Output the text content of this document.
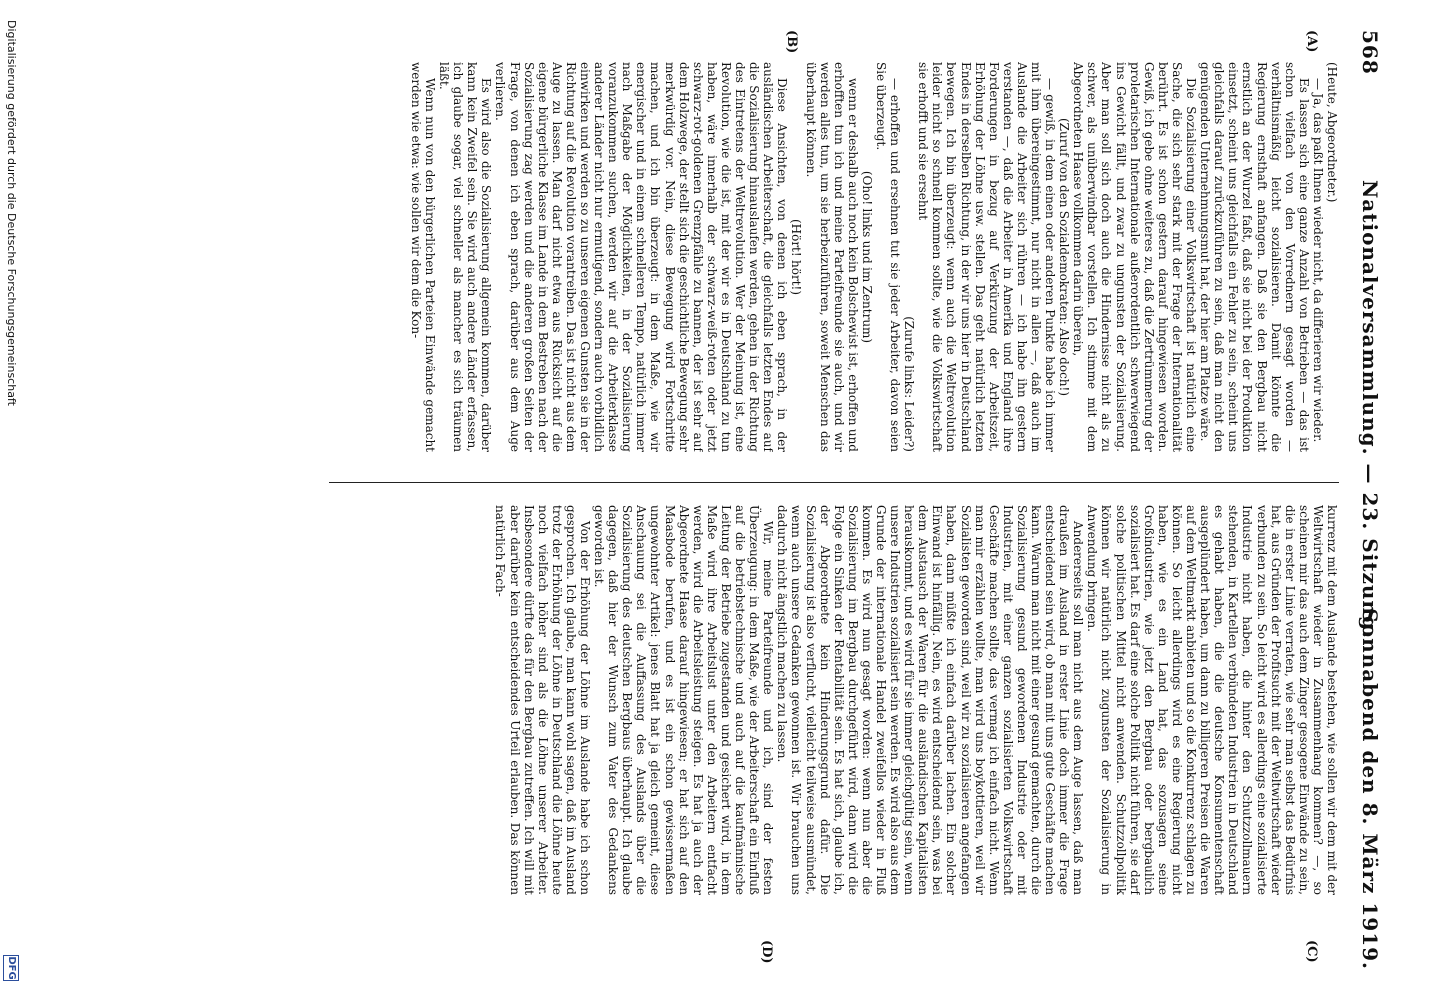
568
Nationalversammlung. — 23. Sitzung.
Sonnabend den 8. März 1919.
(A)
(B)
(C)
(D)

(Heute, Abgeordneter.)

— Ja, das paßt Ihnen wieder nicht, da differieren wir wieder.

Es lassen sich eine ganze Anzahl von Betrieben — das ist schon vielfach von den Vorrednern gesagt worden — verhältnismäßig leicht sozialisieren. Damit könnte die Regierung ernsthaft anfangen. Daß sie den Bergbau nicht ernstlich an der Wurzel faßt, daß sie nicht bei der Produktion einsetzt, scheint uns gleichfalls ein Fehler zu sein, scheint uns gleichfalls darauf zurückzuführen zu sein, daß man nicht den genügenden Unternehmungsmut hat, der hier am Platze wäre.

Die Sozialisierung einer Volkswirtschaft ist natürlich eine Sache, die sich sehr stark mit der Frage der Internationalität berührt. Es ist schon gestern darauf hingewiesen worden. Gewiß, ich gebe ohne weiteres zu, daß die Zertrümmerung der proletarischen Internationale außerordentlich schwerwiegend ins Gewicht fällt, und zwar zu ungunsten der Sozialisierung. Aber man soll sich doch auch die Hindernisse nicht als zu schwer, als unüberwindbar vorstellen. Ich stimme mit dem Abgeordneten Haase vollkommen darin überein,

(Zuruf von den Sozialdemokraten: Also doch!)

— gewiß, in dem einen oder anderen Punkte habe ich immer mit ihm übereingestimmt, nur nicht in allen —, daß auch im Auslande die Arbeiter sich rühren — ich habe ihn gestern verstanden —, daß die Arbeiter in Amerika und England ihre Forderungen in bezug auf Verkürzung der Arbeitszeit, Erhöhung der Löhne usw. stellen. Das geht natürlich letzten Endes in derselben Richtung, in der wir uns hier in Deutschland bewegen. Ich bin überzeugt: wenn auch die Weltrevolution leider nicht so schnell kommen sollte, wie die Volkswirtschaft sie erhofft und sie ersehnt

(Zurufe links: Leider?)

— erhoffen und ersehnen tut sie jeder Arbeiter, davon seien Sie überzeugt.

(Oho! links und im Zentrum)

wenn er deshalb auch noch kein Bolschewist ist, erhoffen und erhofften tun ich und meine Parteifreunde sie auch, und wir werden alles tun, um sie herbeizuführen, soweit Menschen das überhaupt können.

(Hört! hört!)

Diese Ansichten, von denen ich eben sprach, in der ausländischen Arbeiterschaft, die gleichfalls letzten Endes auf die Sozialisierung hinauslaufen werden, gehen in der Richtung des Eintretens der Weltrevolution. Wer der Meinung ist, eine Revolution, wie die ist, mit der wir es in Deutschland zu tun haben, wäre innerhalb der schwarz-weiß-roten oder jetzt schwarz-rot-goldenen Grenzpfähle zu bannen, der ist sehr auf dem Holzwege, der stellt sich die geschichtliche Bewegung sehr merkwürdig vor. Nein, diese Bewegung wird Fortschritte machen, und ich bin überzeugt: in dem Maße, wie wir energischer und in einem schnelleren Tempo, natürlich immer nach Maßgabe der Möglichkeiten, in der Sozialisierung voranzukommen suchen, werden wir auf die Arbeiterklasse anderer Länder nicht nur ermutigend, sondern auch vorbildlich einwirken und werden so zu unseren eigenen Gunsten sie in der Richtung auf die Revolution vorantreiben. Das ist nicht aus dem Auge zu lassen. Man darf nicht etwa aus Rücksicht auf die eigene bürgerliche Klasse im Lande in dem Bestreben nach der Sozialisierung zag werden und die anderen großen Seiten der Frage, von denen ich eben sprach, darüber aus dem Auge verlieren.

Es wird also die Sozialisierung allgemein kommen, darüber kann kein Zweifel sein. Sie wird auch andere Länder erfassen, ich glaube sogar, viel schneller als mancher es sich träumen läßt.

Wenn nun von den bürgerlichen Parteien Einwände gemacht werden wie etwa: wie sollen wir dem die Kon-

kurrenz mit dem Auslande bestehen, wie sollen wir dem mit der Weltwirtschaft wieder in Zusammenhang kommen? —, so scheinen mir das auch dem Zinger gesogene Einwände zu sein, die in erster Linie verraten, wie sehr man selbst das Bedürfnis hat, aus Gründen der Profitsucht mit der Weltwirtschaft wieder verbunden zu sein. So leicht wird es allerdings eine sozialisierte Industrie nicht haben, die hinter den Schutzzollmauern stehenden, in Kartellen verbündeten Industrien in Deutschland es gehabt haben, die die deutsche Konsumentenschaft ausgeplündert haben, um dann zu billigeren Preisen die Waren auf dem Weltmarkt anbieten und so die Konkurrenz schlagen zu können. So leicht allerdings wird es eine Regierung nicht haben, wie es ein Land hat, das sozusagen seine Großindustrien, wie jetzt den Bergbau oder bergbaulich sozialisiert hat. Es darf eine solche Politik nicht führen, sie darf solche politischen Mittel nicht anwenden. Schutzzollpolitik können wir natürlich nicht zugunsten der Sozialisierung in Anwendung bringen.

Andererseits soll man nicht aus dem Auge lassen, daß man draußen im Ausland in erster Linie doch immer die Frage entscheidend sein wird, ob man mit uns gute Geschäfte machen kann. Warum man nicht mit einer gesund gemachten, durch die Sozialisierung gesund gewordenen Industrie oder mit Industrien, mit einer ganzen sozialisierten Volkswirtschaft Geschäfte machen sollte, das vermag ich einfach nicht. Wenn man mir erzählen wollte, man wird uns boykottieren, weil wir Sozialisten geworden sind, weil wir zu sozialisieren angefangen haben, dann müßte ich einfach darüber lachen. Ein solcher Einwand ist hinfällig. Nein, es wird entscheidend sein, was bei dem Austausch der Waren für die ausländischen Kapitalisten herauskommt, und es wird für sie immer gleichgültig sein, wenn unsere Industrien sozialisiert sein werden. Es wird also aus dem Grunde der internationale Handel zweifellos wieder in Fluß kommen. Es wird nun gesagt worden: wenn nun aber die Sozialisierung im Bergbau durchgeführt wird, dann wird die Folge ein Sinken der Rentabilität sein. Es hat sich, glaube ich, der Abgeordnete kein Hinderungsgrund dafür. Die Sozialisierung ist also verflucht, vielleicht teilweise ausmündet, wenn auch unsere Gedanken gewonnen ist. Wir brauchen uns dadurch nicht ängstlich machen zu lassen.

Wir, meine Parteifreunde und ich, sind der festen Überzeugung: in dem Maße, wie der Arbeiterschaft ein Einfluß auf die betriebstechnische und auch auf die kaufmännische Leitung der Betriebe zugestanden und gesichert wird, in dem Maße wird ihre Arbeitslust unter den Arbeitern entfacht werden, wird die Arbeitsleistung steigen. Es hat ja auch der Abgeordnete Haase darauf hingewiesen; er hat sich auf den Maasbode berufen, und es ist ein schon gewissermaßen ungewohnter Artikel: jenes Blatt hat ja gleich gemeint, diese Anschauung sei die Auffassung des Auslands über die Sozialisierung des deutschen Bergbaus überhaupt. Ich glaube dagegen, daß hier der Wunsch zum Vater des Gedankens geworden ist.

Von der Erhöhung der Löhne im Auslande habe ich schon gesprochen. Ich glaube, man kann wohl sagen, daß im Ausland trotz der Erhöhung der Löhne in Deutschland die Löhne heute noch vielfach höher sind als die Löhne unserer Arbeiter. Insbesondere dürfte das für den Bergbau zutreffen. Ich will mit aber darüber kein entscheidendes Urteil erlauben. Das können natürlich Fach-

Digitalisierung gefördert durch die Deutsche Forschungsgemeinschaft
DFG
